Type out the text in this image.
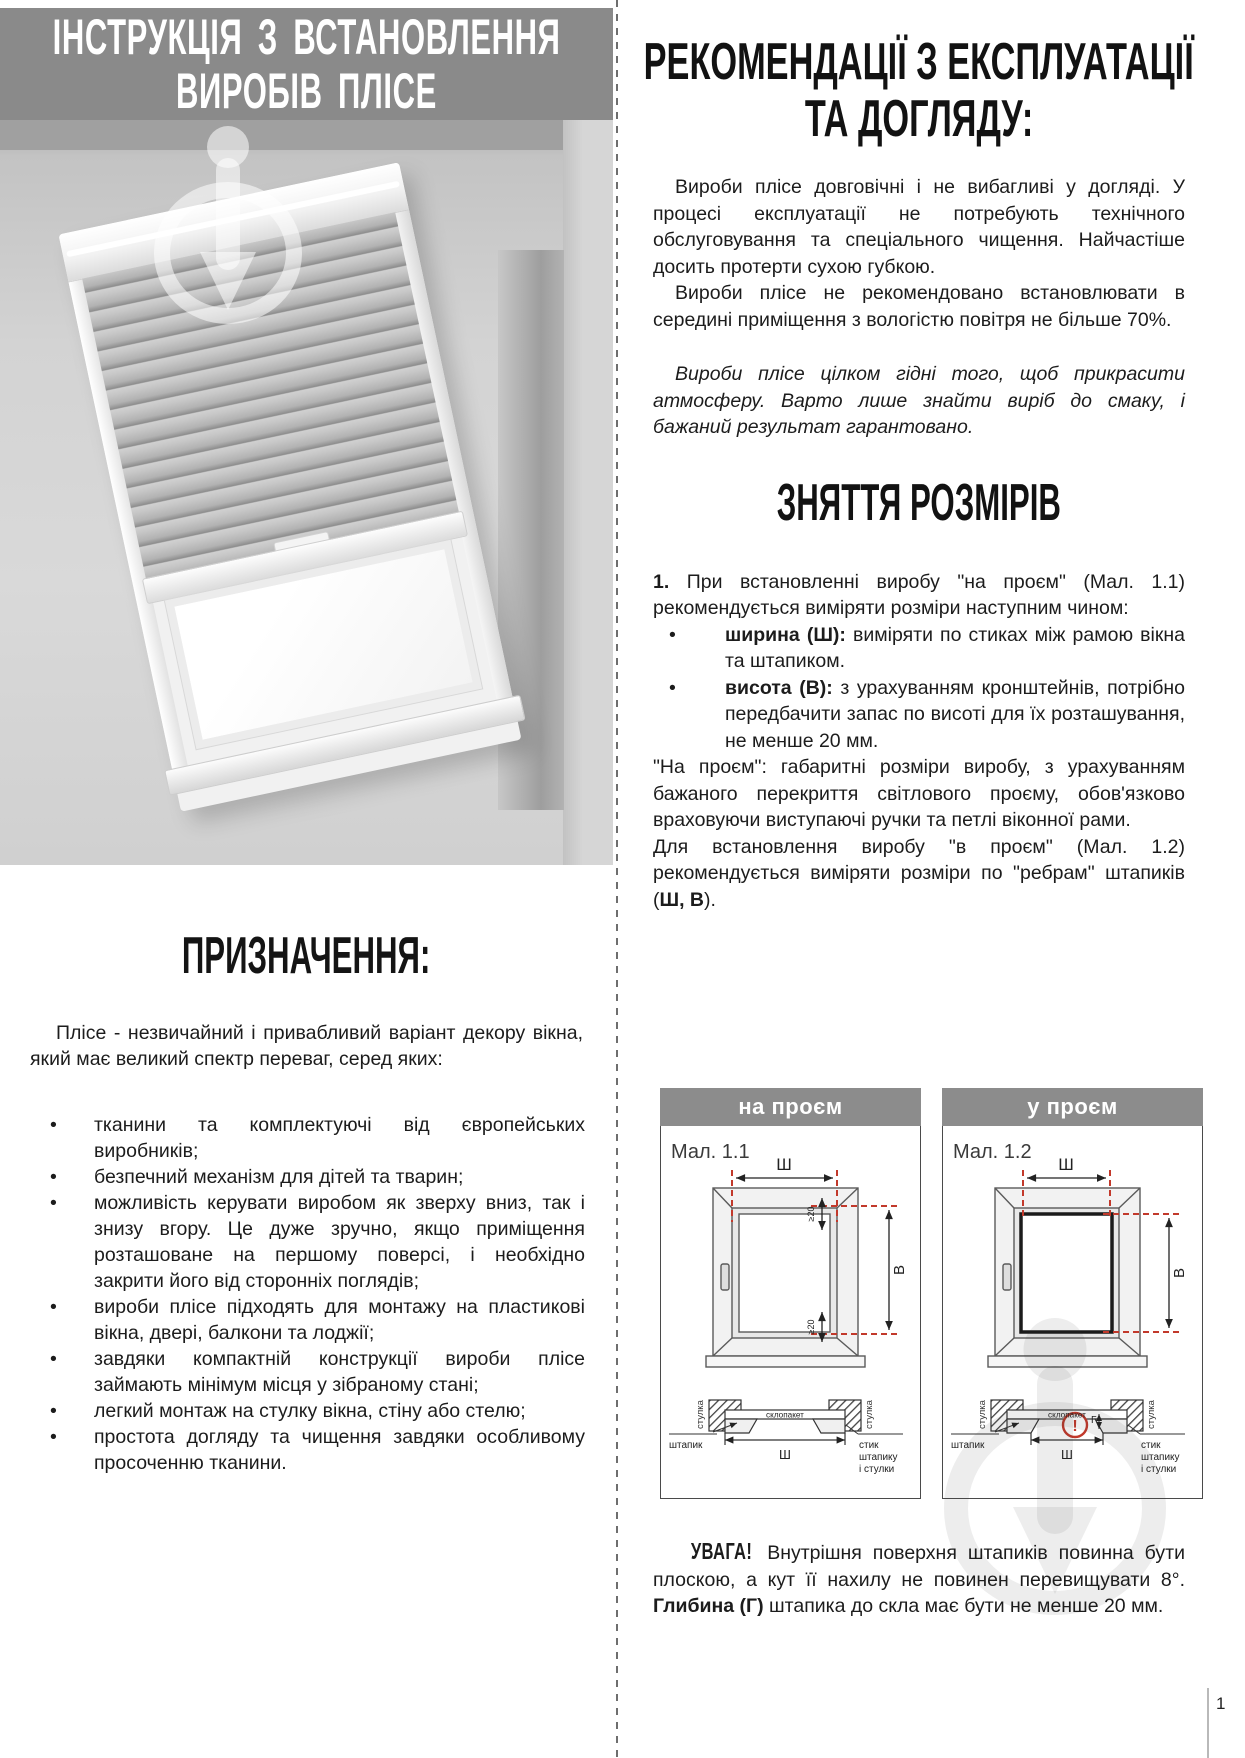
ІНСТРУКЦІЯ З ВСТАНОВЛЕННЯ
ВИРОБІВ ПЛІСЕ
ПРИЗНАЧЕННЯ:

Плісе - незвичайний і привабливий варіант декору вікна, який має великий спектр переваг, серед яких:

• тканини та комплектуючі від європейських виробників;
• безпечний механізм для дітей та тварин;
• можливість керувати виробом як зверху вниз, так і знизу вгору. Це дуже зручно, якщо приміщення розташоване на першому поверсі, і необхідно закрити його від сторонніх поглядів;
• вироби плісе підходять для монтажу на пластикові вікна, двері, балкони та лоджії;
• завдяки компактній конструкції вироби плісе займають мінімум місця у зібраному стані;
• легкий монтаж на стулку вікна, стіну або стелю;
• простота догляду та чищення завдяки особливому просоченню тканини.
РЕКОМЕНДАЦІЇ З ЕКСПЛУАТАЦІЇ
ТА ДОГЛЯДУ:

Вироби плісе довговічні і не вибагливі у догляді. У процесі експлуатації не потребують технічного обслуговування та спеціального чищення. Найчастіше досить протерти сухою губкою.

Вироби плісе не рекомендовано встановлювати в середині приміщення з вологістю повітря не більше 70%.

Вироби плісе цілком гідні того, щоб прикрасити атмосферу. Варто лише знайти виріб до смаку, і бажаний результат гарантовано.

ЗНЯТТЯ РОЗМІРІВ

1. При встановленні виробу "на проєм" (Мал. 1.1) рекомендується виміряти розміри наступним чином:

•	ширина (Ш): виміряти по стиках між рамою вікна та штапиком.
•	висота (В): з урахуванням кронштейнів, потрібно передбачити запас по висоті для їх розташування, не менше 20 мм.

"На проєм": габаритні розміри виробу, з урахуванням бажаного перекриття світлового проєму, обов'язково враховуючи виступаючі ручки та петлі віконної рами.

Для встановлення виробу "в проєм" (Мал. 1.2) рекомендується виміряти розміри по "ребрам" штапиків (Ш, В).

на проєм
Мал. 1.1
Ш
В
≥20
≥20
склопакет
стулка	стулка
штапик
Ш
стик
штапику
і стулки
у проєм
Мал. 1.2
Ш
В
! Г
склопакет
стулка	стулка
штапик
Ш
стик
штапику
і стулки

УВАГА! Внутрішня поверхня штапиків повинна бути плоскою, а кут її нахилу не повинен перевищувати 8°. Глибина (Г) штапика до скла має бути не менше 20 мм.

1
